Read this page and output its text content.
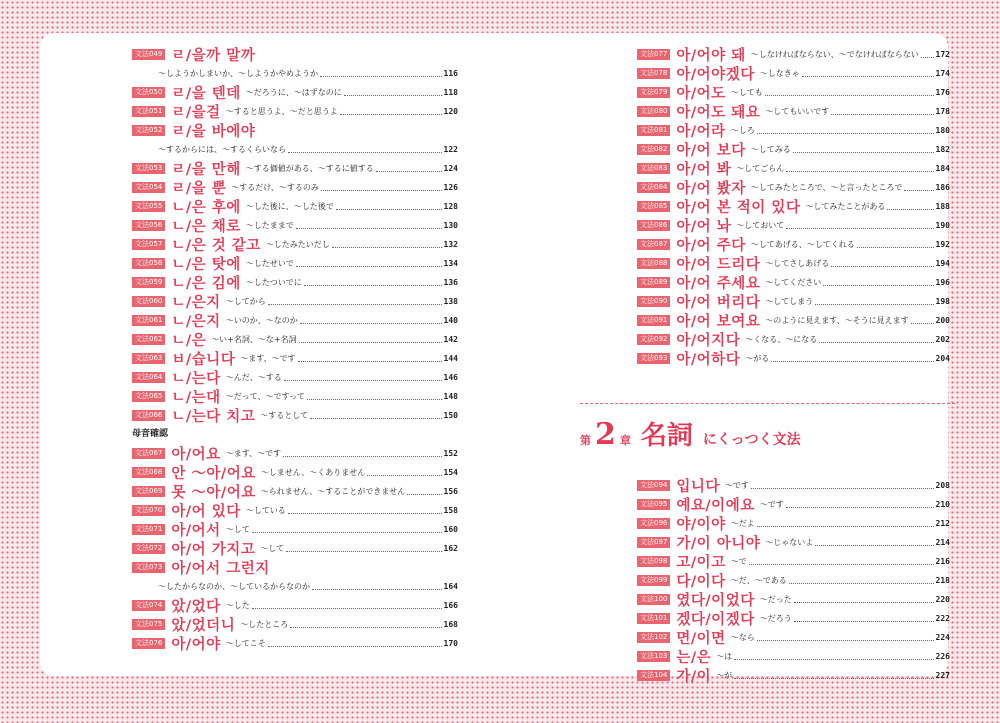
文法049 ㄹ/을까 말까
～しようかしまいか、～しようかやめようか	116
文法050 ㄹ/을 텐데 ～だろうに、～はずなのに	118
文法051 ㄹ/을걸 ～すると思うよ、～だと思うよ	120
文法052 ㄹ/을 바에야
～するからには、～するくらいなら	122
文法053 ㄹ/을 만해 ～する価値がある、～するに値する	124
文法054 ㄹ/을 뿐 ～するだけ、～するのみ	126
文法055 ㄴ/은 후에 ～した後に、～した後で	128
文法056 ㄴ/은 채로 ～したままで	130
文法057 ㄴ/은 것 같고 ～したみたいだし	132
文法058 ㄴ/은 탓에 ～したせいで	134
文法059 ㄴ/은 김에 ～したついでに	136
文法060 ㄴ/은지 ～してから	138
文法061 ㄴ/은지 ～いのか、～なのか	140
文法062 ㄴ/은 ～い+名詞、～な+名詞	142
文法063 ㅂ/습니다 ～ます、～です	144
文法064 ㄴ/는다 ～んだ、～する	146
文法065 ㄴ/는대 ～だって、～ですって	148
文法066 ㄴ/는다 치고 ～するとして	150
母音確認
文法067 아/어요 ～ます、～です	152
文法068 안 ～아/어요 ～しません、～くありません	154
文法069 못 ～아/어요 ～られません、～することができません	156
文法070 아/어 있다 ～している	158
文法071 아/어서 ～して	160
文法072 아/어 가지고 ～して	162
文法073 아/어서 그런지
～したからなのか、～しているからなのか	164
文法074 았/었다 ～した	166
文法075 았/었더니 ～したところ	168
文法076 아/어야 ～してこそ	170
文法077 아/어야 돼 ～しなければならない、～でなければならない 172
文法078 아/어야겠다 ～しなきゃ	174
文法079 아/어도 ～しても	176
文法080 아/어도 돼요 ～してもいいです	178
文法081 아/어라 ～しろ	180
文法082 아/어 보다 ～してみる	182
文法083 아/어 봐 ～してごらん	184
文法084 아/어 봤자 ～してみたところで、～と言ったところで	186
文法085 아/어 본 적이 있다 ～してみたことがある	188
文法086 아/어 놔 ～しておいて	190
文法087 아/어 주다 ～してあげる、～してくれる	192
文法088 아/어 드리다 ～してさしあげる	194
文法089 아/어 주세요 ～してください	196
文法090 아/어 버리다 ～してしまう	198
文法091 아/어 보여요 ～のように見えます、～そうに見えます	200
文法092 아/어지다 ～くなる、～になる	202
文法093 아/어하다 ～がる	204
第 2 章 名詞 にくっつく文法
文法094 입니다 ～です	208
文法095 예요/이에요 ～です	210
文法096 야/이야 ～だよ	212
文法097 가/이 아니야 ～じゃないよ	214
文法098 고/이고 ～で	216
文法099 다/이다 ～だ、～である	218
文法100 였다/이었다 ～だった	220
文法101 겠다/이겠다 ～だろう	222
文法102 면/이면 ～なら	224
文法103 는/은 ～は	226
文法104 가/이 ～が	227
